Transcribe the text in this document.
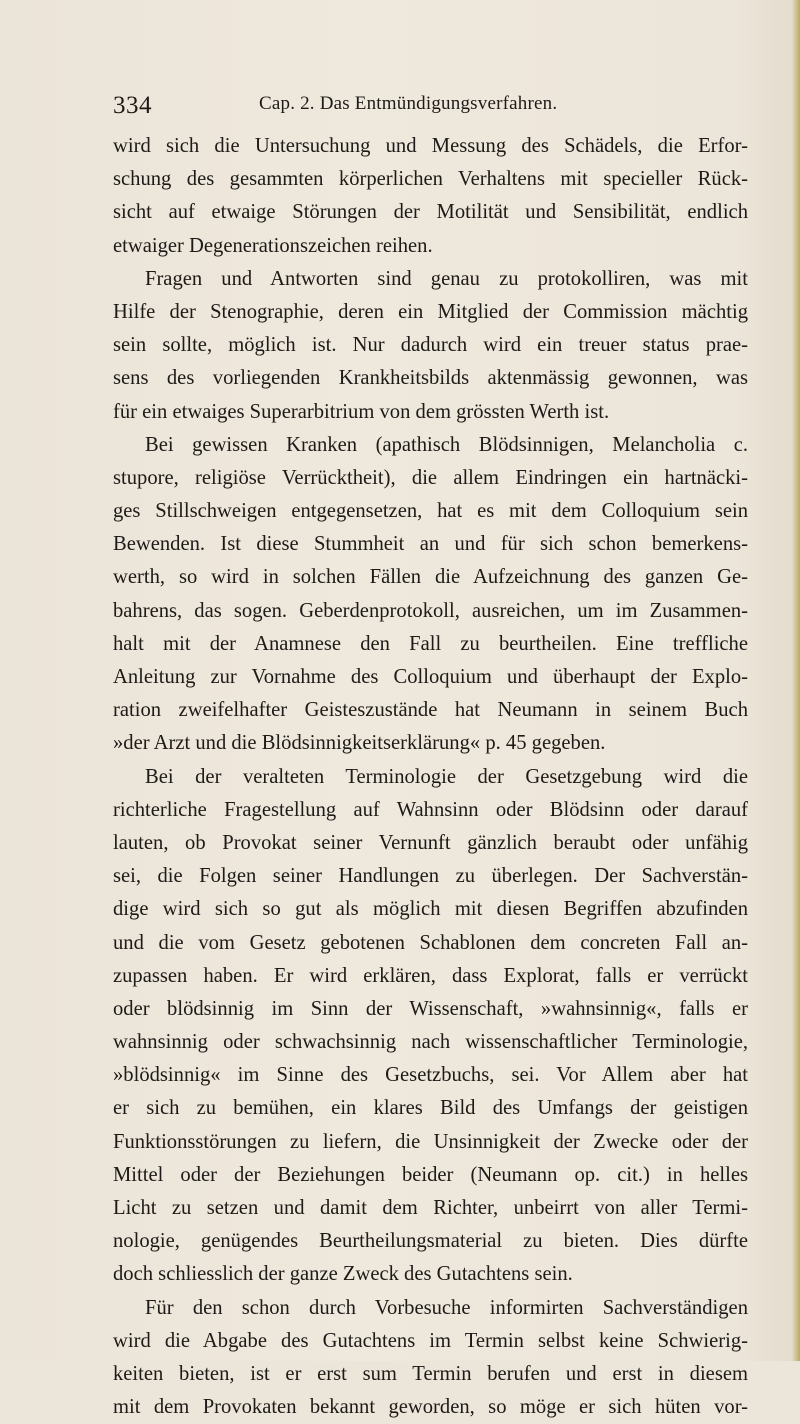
334	Cap. 2. Das Entmündigungsverfahren.
wird sich die Untersuchung und Messung des Schädels, die Erfor-
schung des gesammten körperlichen Verhaltens mit specieller Rück-
sicht auf etwaige Störungen der Motilität und Sensibilität, endlich
etwaiger Degenerationszeichen reihen.
Fragen und Antworten sind genau zu protokolliren, was mit
Hilfe der Stenographie, deren ein Mitglied der Commission mächtig
sein sollte, möglich ist. Nur dadurch wird ein treuer status prae-
sens des vorliegenden Krankheitsbilds aktenmässig gewonnen, was
für ein etwaiges Superarbitrium von dem grössten Werth ist.
Bei gewissen Kranken (apathisch Blödsinnigen, Melancholia c.
stupore, religiöse Verrücktheit), die allem Eindringen ein hartnäcki-
ges Stillschweigen entgegensetzen, hat es mit dem Colloquium sein
Bewenden. Ist diese Stummheit an und für sich schon bemerkens-
werth, so wird in solchen Fällen die Aufzeichnung des ganzen Ge-
bahrens, das sogen. Geberdenprotokoll, ausreichen, um im Zusammen-
halt mit der Anamnese den Fall zu beurtheilen. Eine treffliche
Anleitung zur Vornahme des Colloquium und überhaupt der Explo-
ration zweifelhafter Geisteszustände hat Neumann in seinem Buch
»der Arzt und die Blödsinnigkeitserklärung« p. 45 gegeben.
Bei der veralteten Terminologie der Gesetzgebung wird die
richterliche Fragestellung auf Wahnsinn oder Blödsinn oder darauf
lauten, ob Provokat seiner Vernunft gänzlich beraubt oder unfähig
sei, die Folgen seiner Handlungen zu überlegen. Der Sachverstän-
dige wird sich so gut als möglich mit diesen Begriffen abzufinden
und die vom Gesetz gebotenen Schablonen dem concreten Fall an-
zupassen haben. Er wird erklären, dass Explorat, falls er verrückt
oder blödsinnig im Sinn der Wissenschaft, »wahnsinnig«, falls er
wahnsinnig oder schwachsinnig nach wissenschaftlicher Terminologie,
»blödsinnig« im Sinne des Gesetzbuchs, sei. Vor Allem aber hat
er sich zu bemühen, ein klares Bild des Umfangs der geistigen
Funktionsstörungen zu liefern, die Unsinnigkeit der Zwecke oder der
Mittel oder der Beziehungen beider (Neumann op. cit.) in helles
Licht zu setzen und damit dem Richter, unbeirrt von aller Termi-
nologie, genügendes Beurtheilungsmaterial zu bieten. Dies dürfte
doch schliesslich der ganze Zweck des Gutachtens sein.
Für den schon durch Vorbesuche informirten Sachverständigen
wird die Abgabe des Gutachtens im Termin selbst keine Schwierig-
keiten bieten, ist er erst sum Termin berufen und erst in diesem
mit dem Provokaten bekannt geworden, so möge er sich hüten vor-
